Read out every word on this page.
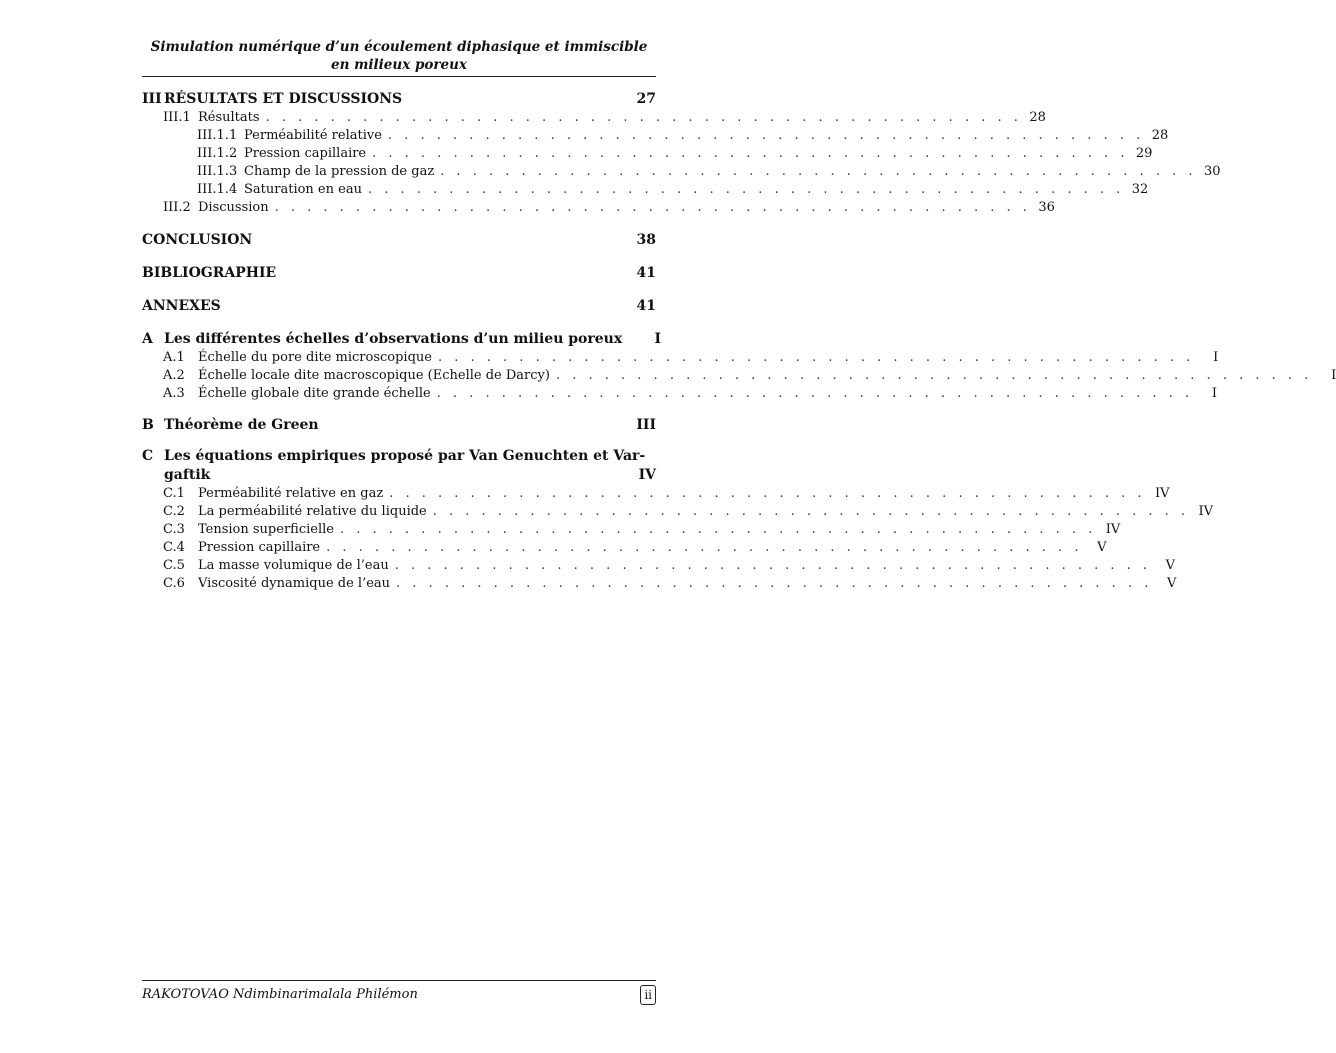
Simulation numérique d’un écoulement diphasique et immiscible en milieux poreux
III RÉSULTATS ET DISCUSSIONS	27
III.1 Résultats . . . . . . . . . . . . . . . . . . . . . . . . . . . . . . . . . . . . . . . . . . . . . . . 28
III.1.1 Perméabilité relative . . . . . . . . . . . . . . . . . . . . . . . . . . . . . . . . . . . . . . . . . . . . . . . 28
III.1.2 Pression capillaire . . . . . . . . . . . . . . . . . . . . . . . . . . . . . . . . . . . . . . . . . . . . . . . 29
III.1.3 Champ de la pression de gaz . . . . . . . . . . . . . . . . . . . . . . . . . . . . . . . . . . . . . . . . . . . . . . . 30
III.1.4 Saturation en eau . . . . . . . . . . . . . . . . . . . . . . . . . . . . . . . . . . . . . . . . . . . . . . . 32
III.2 Discussion . . . . . . . . . . . . . . . . . . . . . . . . . . . . . . . . . . . . . . . . . . . . . . . 36
CONCLUSION	38
BIBLIOGRAPHIE	41
ANNEXES	41
A Les différentes échelles d’observations d’un milieu poreux	I
A.1	Échelle du pore dite microscopique . . . . . . . . . . . . . . . . . . . . . . . . . . . . . . . . . . . . . . . . . . . . . . .	I
A.2	Échelle locale dite macroscopique (Echelle de Darcy) . . . . . . . . . . . . . . . . . . . . . . . . . . . . . . . . . . . . . . . . . . . . . . .	I
A.3	Échelle globale dite grande échelle . . . . . . . . . . . . . . . . . . . . . . . . . . . . . . . . . . . . . . . . . . . . . . .	I
B Théorème de Green	III
C Les équations empiriques proposé par Van Genuchten et Var-
gaftik	IV
C.1	Perméabilité relative en gaz . . . . . . . . . . . . . . . . . . . . . . . . . . . . . . . . . . . . . . . . . . . . . . . IV
C.2	La perméabilité relative du liquide . . . . . . . . . . . . . . . . . . . . . . . . . . . . . . . . . . . . . . . . . . . . . . . IV
C.3	Tension superficielle . . . . . . . . . . . . . . . . . . . . . . . . . . . . . . . . . . . . . . . . . . . . . . . IV
C.4	Pression capillaire . . . . . . . . . . . . . . . . . . . . . . . . . . . . . . . . . . . . . . . . . . . . . . .	V
C.5	La masse volumique de l’eau . . . . . . . . . . . . . . . . . . . . . . . . . . . . . . . . . . . . . . . . . . . . . . .	V
C.6	Viscosité dynamique de l’eau . . . . . . . . . . . . . . . . . . . . . . . . . . . . . . . . . . . . . . . . . . . . . . .	V
RAKOTOVAO Ndimbinarimalala Philémon	ii
